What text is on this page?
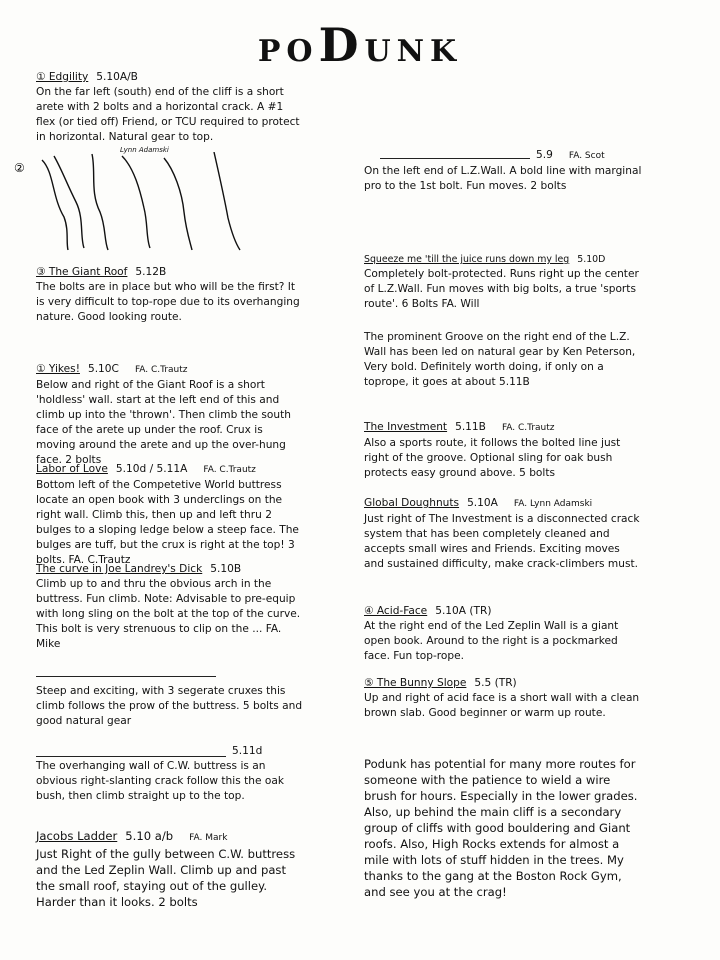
PODUNK
Lynn Adamski
②
① Edgility 5.10A/B
On the far left (south) end of the cliff is a short arete with 2 bolts and a horizontal crack. A #1 flex (or tied off) Friend, or TCU required to protect in horizontal. Natural gear to top.
③ The Giant Roof 5.12B
The bolts are in place but who will be the first? It is very difficult to top-rope due to its overhanging nature. Good looking route.
① Yikes! 5.10C FA. C.Trautz
Below and right of the Giant Roof is a short 'holdless' wall. start at the left end of this and climb up into the 'thrown'. Then climb the south face of the arete up under the roof. Crux is moving around the arete and up the over-hung face. 2 bolts
Labor of Love 5.10d / 5.11A FA. C.Trautz
Bottom left of the Competetive World buttress locate an open book with 3 underclings on the right wall. Climb this, then up and left thru 2 bulges to a sloping ledge below a steep face. The bulges are tuff, but the crux is right at the top! 3 bolts. FA. C.Trautz
The curve in Joe Landrey's Dick 5.10B
Climb up to and thru the obvious arch in the buttress. Fun climb. Note: Advisable to pre-equip with long sling on the bolt at the top of the curve. This bolt is very strenuous to clip on the ... FA. Mike
Steep and exciting, with 3 segerate cruxes this climb follows the prow of the buttress. 5 bolts and good natural gear
5.11d
The overhanging wall of C.W. buttress is an obvious right-slanting crack follow this the oak bush, then climb straight up to the top.
Jacobs Ladder 5.10 a/b FA. Mark
Just Right of the gully between C.W. buttress and the Led Zeplin Wall. Climb up and past the small roof, staying out of the gulley. Harder than it looks. 2 bolts
5.9 FA. Scot
On the left end of L.Z.Wall. A bold line with marginal pro to the 1st bolt. Fun moves. 2 bolts
Squeeze me 'till the juice runs down my leg 5.10D
Completely bolt-protected. Runs right up the center of L.Z.Wall. Fun moves with big bolts, a true 'sports route'. 6 Bolts FA. Will
The prominent Groove on the right end of the L.Z. Wall has been led on natural gear by Ken Peterson, Very bold. Definitely worth doing, if only on a toprope, it goes at about 5.11B
The Investment 5.11B FA. C.Trautz
Also a sports route, it follows the bolted line just right of the groove. Optional sling for oak bush protects easy ground above. 5 bolts
Global Doughnuts 5.10A FA. Lynn Adamski
Just right of The Investment is a disconnected crack system that has been completely cleaned and accepts small wires and Friends. Exciting moves and sustained difficulty, make crack-climbers must.
④ Acid-Face 5.10A (TR)
At the right end of the Led Zeplin Wall is a giant open book. Around to the right is a pockmarked face. Fun top-rope.
⑤ The Bunny Slope 5.5 (TR)
Up and right of acid face is a short wall with a clean brown slab. Good beginner or warm up route.
Podunk has potential for many more routes for someone with the patience to wield a wire brush for hours. Especially in the lower grades. Also, up behind the main cliff is a secondary group of cliffs with good bouldering and Giant roofs. Also, High Rocks extends for almost a mile with lots of stuff hidden in the trees. My thanks to the gang at the Boston Rock Gym, and see you at the crag!
